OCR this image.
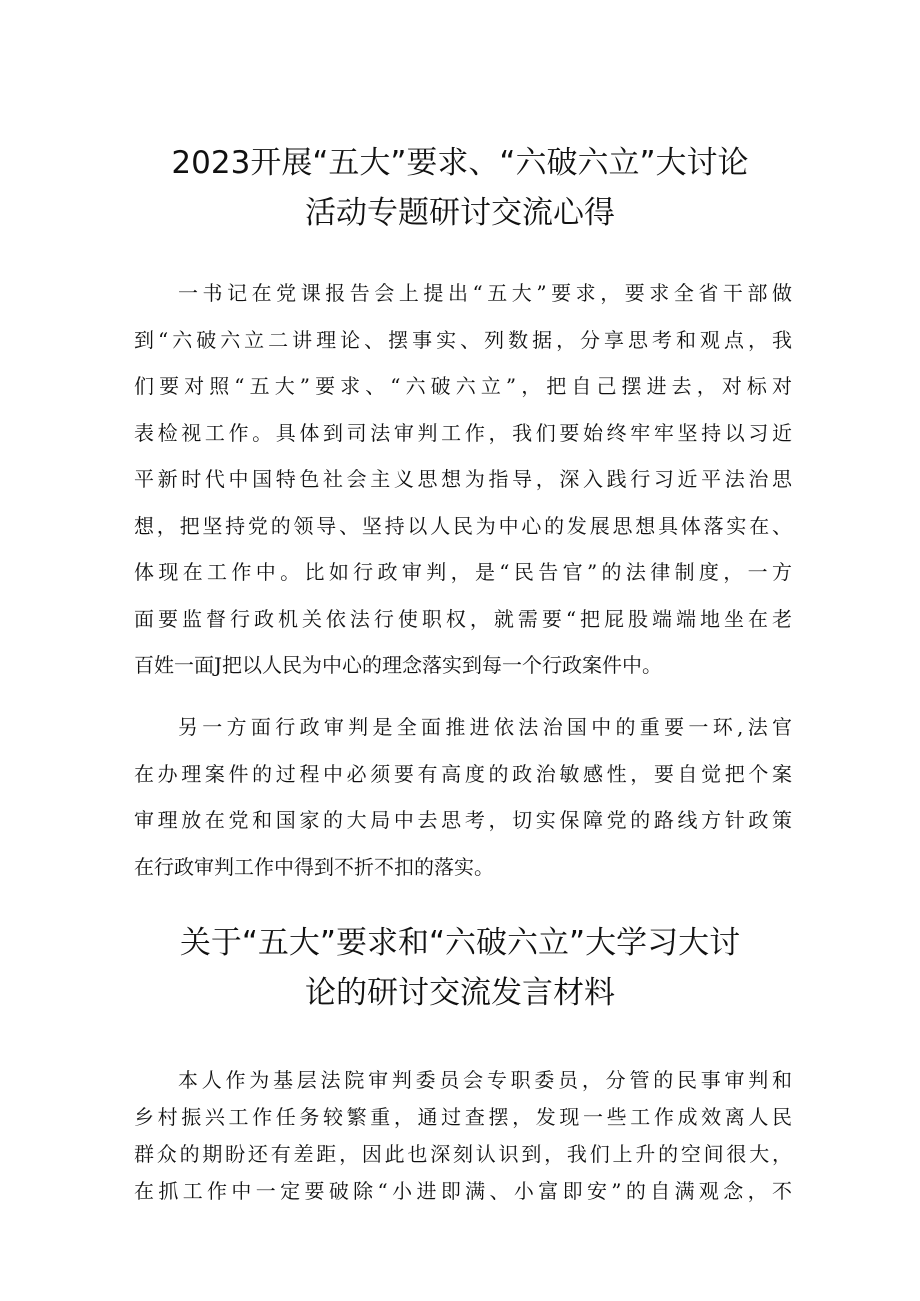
2023开展“五大”要求、“六破六立”大讨论
活动专题研讨交流心得
一书记在党课报告会上提出“五大”要求，要求全省干部做
到“六破六立二讲理论、摆事实、列数据，分享思考和观点，我
们要对照“五大”要求、“六破六立”，把自己摆进去，对标对
表检视工作。具体到司法审判工作，我们要始终牢牢坚持以习近
平新时代中国特色社会主义思想为指导，深入践行习近平法治思
想，把坚持党的领导、坚持以人民为中心的发展思想具体落实在、
体现在工作中。比如行政审判，是“民告官”的法律制度，一方
面要监督行政机关依法行使职权，就需要“把屁股端端地坐在老
百姓一面J把以人民为中心的理念落实到每一个行政案件中。
另一方面行政审判是全面推进依法治国中的重要一环,法官
在办理案件的过程中必须要有高度的政治敏感性，要自觉把个案
审理放在党和国家的大局中去思考，切实保障党的路线方针政策
在行政审判工作中得到不折不扣的落实。
关于“五大”要求和“六破六立”大学习大讨
论的研讨交流发言材料
本人作为基层法院审判委员会专职委员，分管的民事审判和
乡村振兴工作任务较繁重，通过查摆，发现一些工作成效离人民
群众的期盼还有差距，因此也深刻认识到，我们上升的空间很大，
在抓工作中一定要破除“小进即满、小富即安”的自满观念，不
